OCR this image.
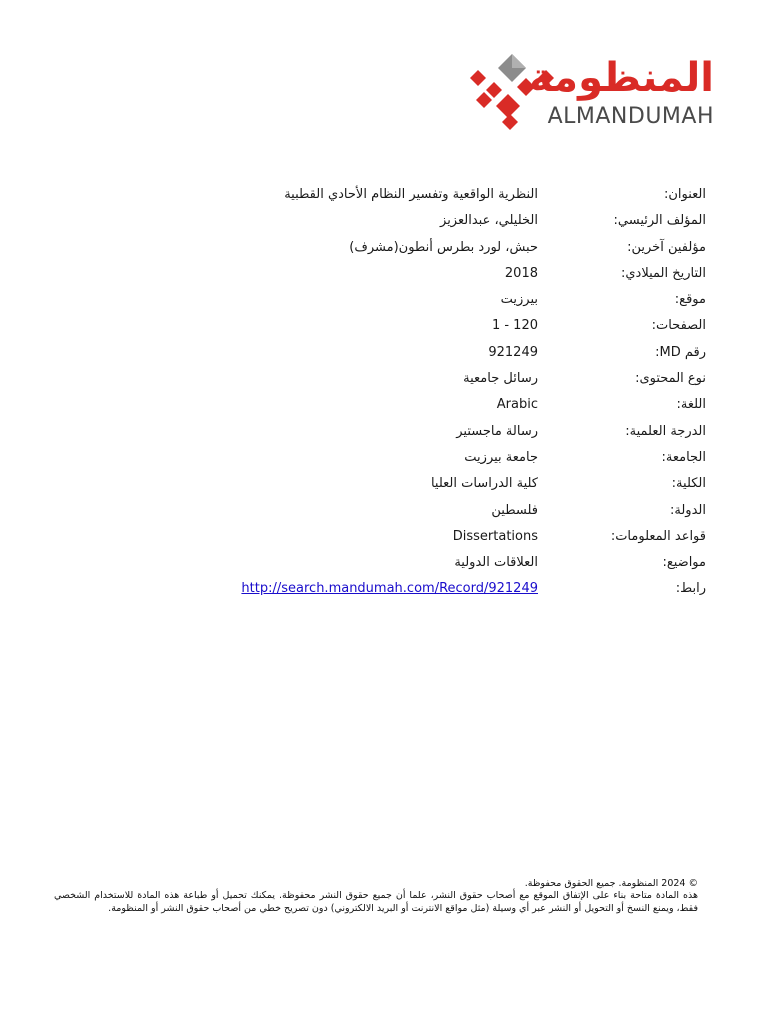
المنظومة
ALMANDUMAH
العنوان:
النظرية الواقعية وتفسير النظام الأحادي القطبية
المؤلف الرئيسي:
الخليلي، عبدالعزيز
مؤلفين آخرين:
حبش، لورد بطرس أنطون(مشرف)
التاريخ الميلادي:
2018
موقع:
بيرزيت
الصفحات:
1 - 120
رقم MD:
921249
نوع المحتوى:
رسائل جامعية
اللغة:
Arabic
الدرجة العلمية:
رسالة ماجستير
الجامعة:
جامعة بيرزيت
الكلية:
كلية الدراسات العليا
الدولة:
فلسطين
قواعد المعلومات:
Dissertations
مواضيع:
العلاقات الدولية
رابط:
http://search.mandumah.com/Record/921249

© 2024 المنظومة. جميع الحقوق محفوظة.

هذه المادة متاحة بناء على الإتفاق الموقع مع أصحاب حقوق النشر، علما أن جميع حقوق النشر محفوظة. يمكنك تحميل أو طباعة هذه المادة للاستخدام الشخصي فقط، ويمنع النسخ أو التحويل أو النشر عبر أي وسيلة (مثل مواقع الانترنت أو البريد الالكتروني) دون تصريح خطي من أصحاب حقوق النشر أو المنظومة.
